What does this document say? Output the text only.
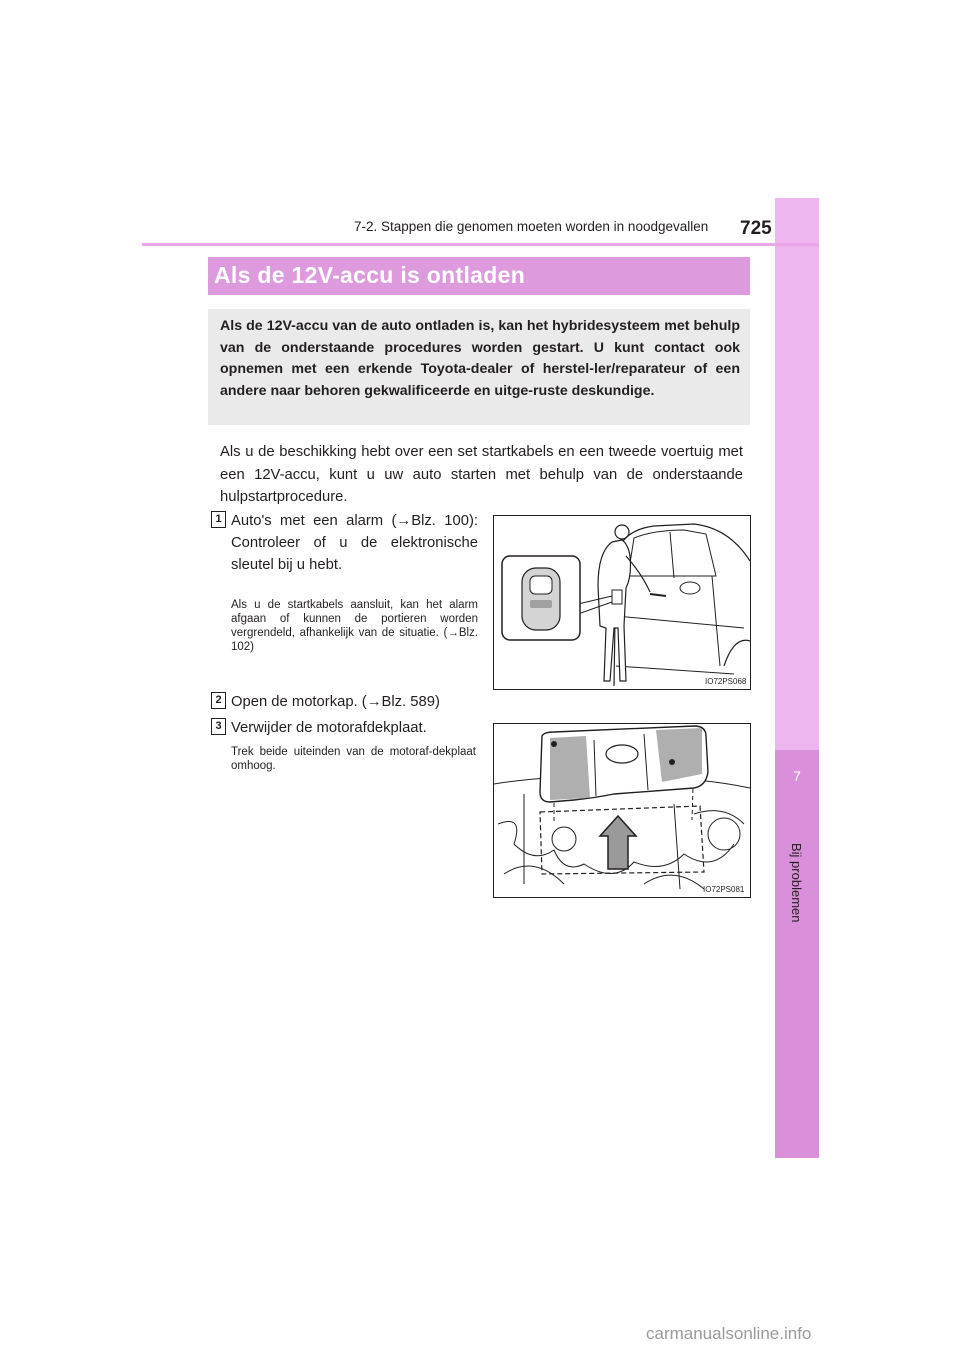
7
Bij problemen
7-2. Stappen die genomen moeten worden in noodgevallen 725
Als de 12V-accu is ontladen
Als de 12V-accu van de auto ontladen is, kan het hybridesysteem met behulp van de onderstaande procedures worden gestart. U kunt contact ook opnemen met een erkende Toyota-dealer of herstel-ler/reparateur of een andere naar behoren gekwalificeerde en uitge-ruste deskundige.
Als u de beschikking hebt over een set startkabels en een tweede voertuig met een 12V-accu, kunt u uw auto starten met behulp van de onderstaande hulpstartprocedure.
1 Auto's met een alarm (→Blz. 100): Controleer of u de elektronische sleutel bij u hebt.
Als u de startkabels aansluit, kan het alarm afgaan of kunnen de portieren worden vergrendeld, afhankelijk van de situatie. (→Blz. 102)
2 Open de motorkap. (→Blz. 589)
3 Verwijder de motorafdekplaat.
Trek beide uiteinden van de motoraf-dekplaat omhoog.
IO72PS068
IO72PS081
carmanualsonline.info
